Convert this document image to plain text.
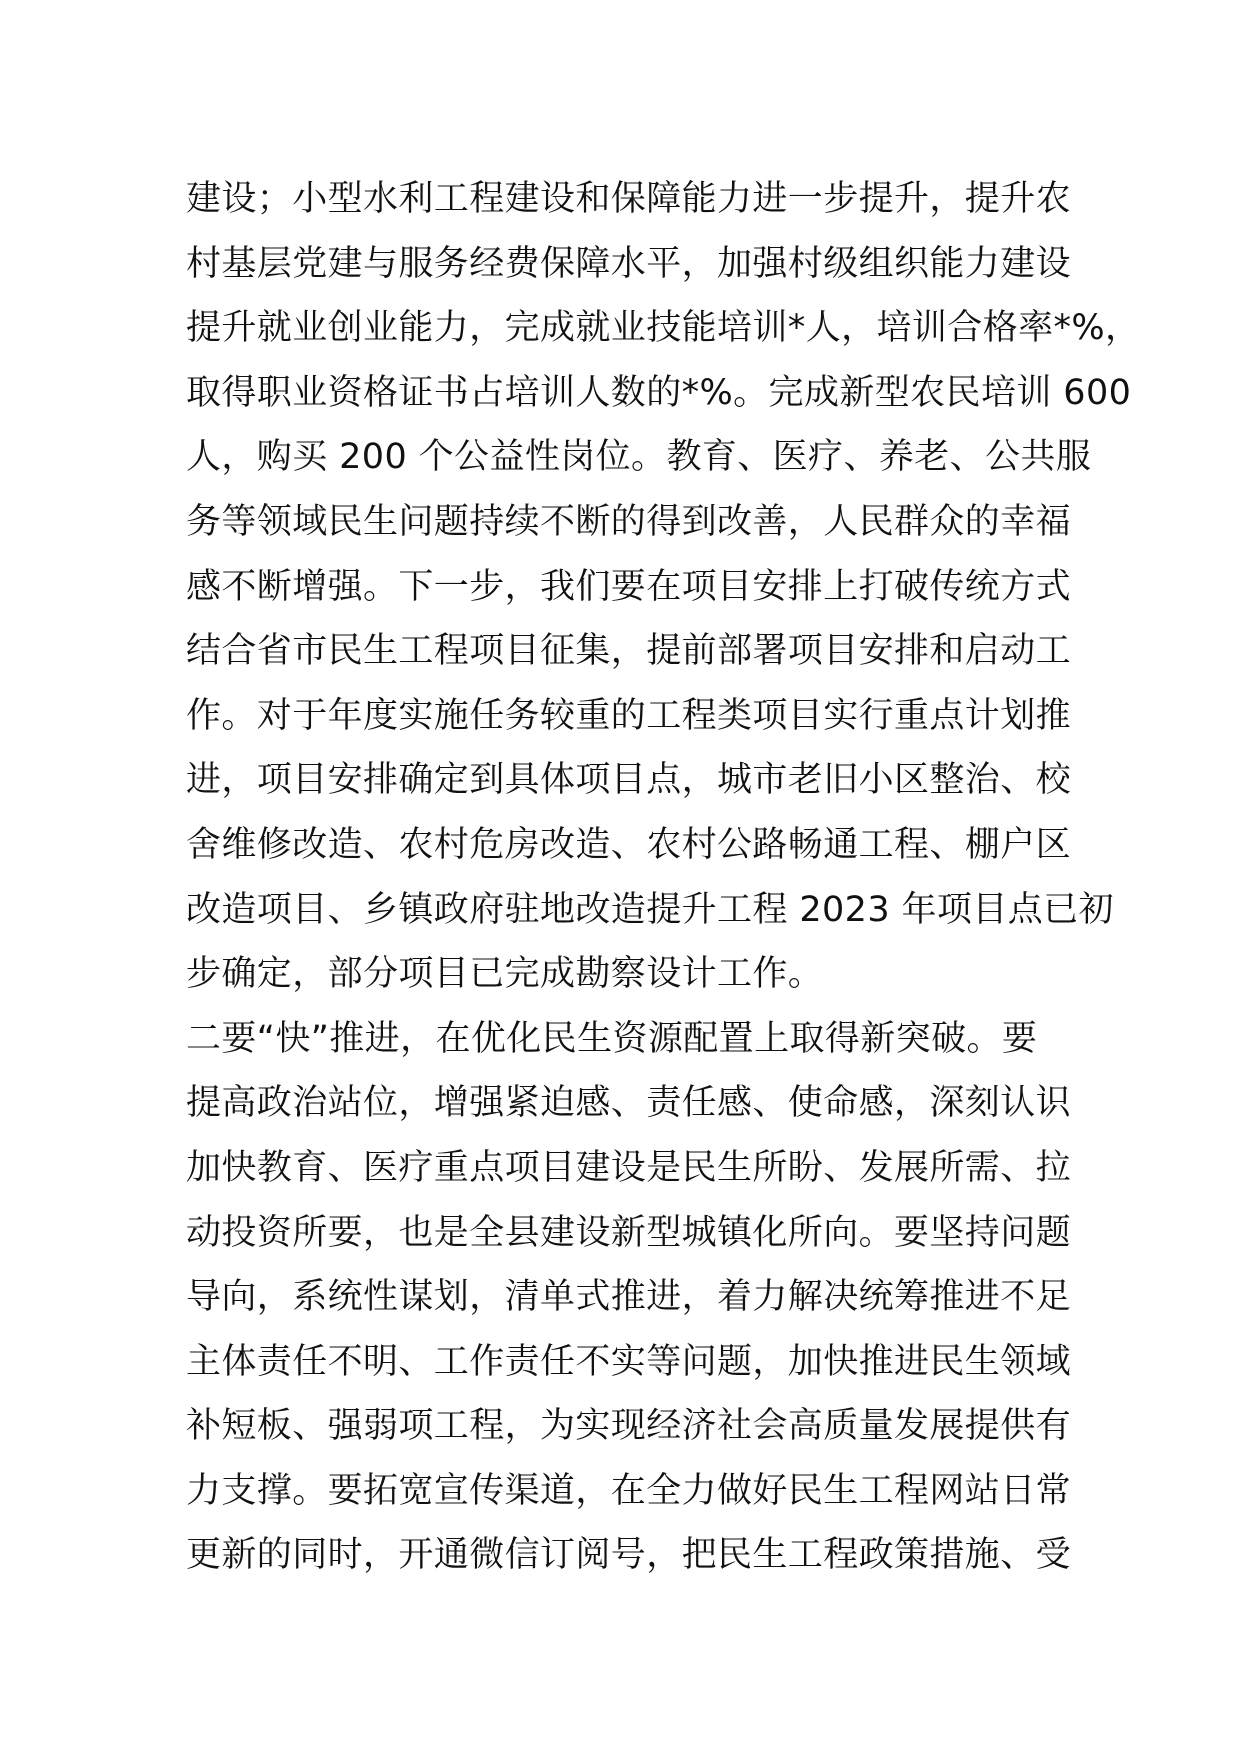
建设；小型水利工程建设和保障能力进一步提升，提升农
村基层党建与服务经费保障水平，加强村级组织能力建设
提升就业创业能力，完成就业技能培训*人，培训合格率*%，
取得职业资格证书占培训人数的*%。完成新型农民培训 600
人，购买 200 个公益性岗位。教育、医疗、养老、公共服
务等领域民生问题持续不断的得到改善，人民群众的幸福
感不断增强。下一步，我们要在项目安排上打破传统方式
结合省市民生工程项目征集，提前部署项目安排和启动工
作。对于年度实施任务较重的工程类项目实行重点计划推
进，项目安排确定到具体项目点，城市老旧小区整治、校
舍维修改造、农村危房改造、农村公路畅通工程、棚户区
改造项目、乡镇政府驻地改造提升工程 2023 年项目点已初
步确定，部分项目已完成勘察设计工作。
二要“快”推进，在优化民生资源配置上取得新突破。要
提高政治站位，增强紧迫感、责任感、使命感，深刻认识
加快教育、医疗重点项目建设是民生所盼、发展所需、拉
动投资所要，也是全县建设新型城镇化所向。要坚持问题
导向，系统性谋划，清单式推进，着力解决统筹推进不足
主体责任不明、工作责任不实等问题，加快推进民生领域
补短板、强弱项工程，为实现经济社会高质量发展提供有
力支撑。要拓宽宣传渠道，在全力做好民生工程网站日常
更新的同时，开通微信订阅号，把民生工程政策措施、受
